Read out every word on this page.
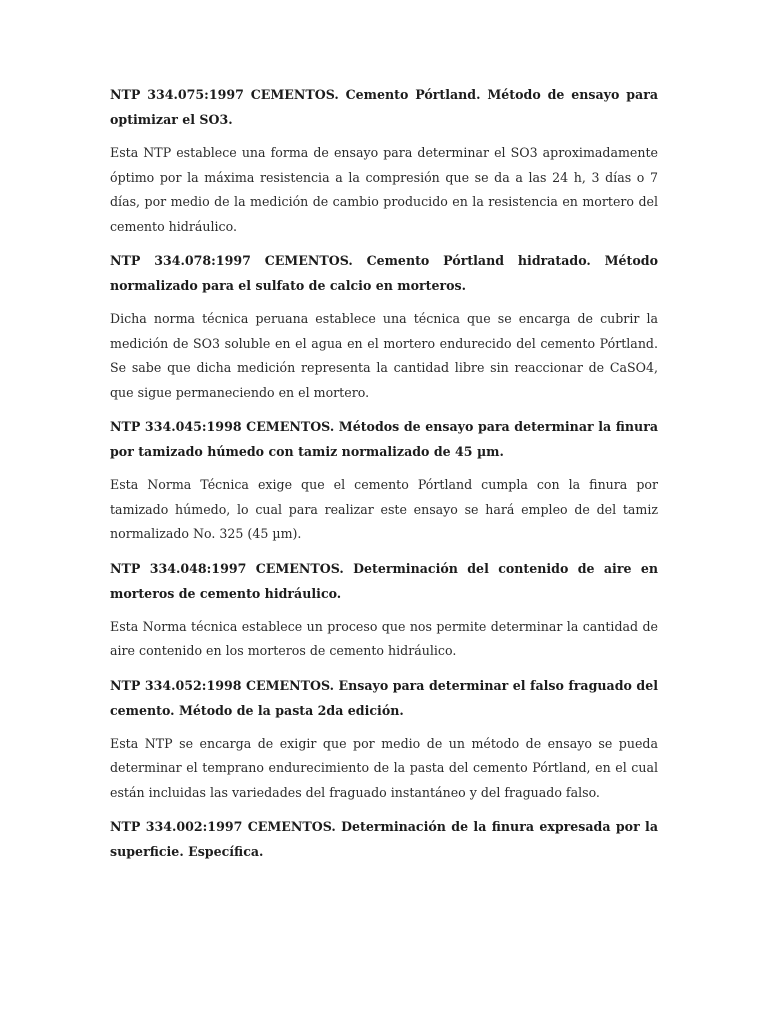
NTP 334.075:1997 CEMENTOS. Cemento Pórtland. Método de ensayo para optimizar el SO3.

Esta NTP establece una forma de ensayo para determinar el SO3 aproximadamente óptimo por la máxima resistencia a la compresión que se da a las 24 h, 3 días o 7 días, por medio de la medición de cambio producido en la resistencia en mortero del cemento hidráulico.

NTP 334.078:1997 CEMENTOS. Cemento Pórtland hidratado. Método normalizado para el sulfato de calcio en morteros.

Dicha norma técnica peruana establece una técnica que se encarga de cubrir la medición de SO3 soluble en el agua en el mortero endurecido del cemento Pórtland. Se sabe que dicha medición representa la cantidad libre sin reaccionar de CaSO4, que sigue permaneciendo en el mortero.

NTP 334.045:1998 CEMENTOS. Métodos de ensayo para determinar la finura por tamizado húmedo con tamiz normalizado de 45 µm.

Esta Norma Técnica exige que el cemento Pórtland cumpla con la finura por tamizado húmedo, lo cual para realizar este ensayo se hará empleo de del tamiz normalizado No. 325 (45 µm).

NTP 334.048:1997 CEMENTOS. Determinación del contenido de aire en morteros de cemento hidráulico.

Esta Norma técnica establece un proceso que nos permite determinar la cantidad de aire contenido en los morteros de cemento hidráulico.

NTP 334.052:1998 CEMENTOS. Ensayo para determinar el falso fraguado del cemento. Método de la pasta 2da edición.

Esta NTP se encarga de exigir que por medio de un método de ensayo se pueda determinar el temprano endurecimiento de la pasta del cemento Pórtland, en el cual están incluidas las variedades del fraguado instantáneo y del fraguado falso.

NTP 334.002:1997 CEMENTOS. Determinación de la finura expresada por la superficie. Específica.
